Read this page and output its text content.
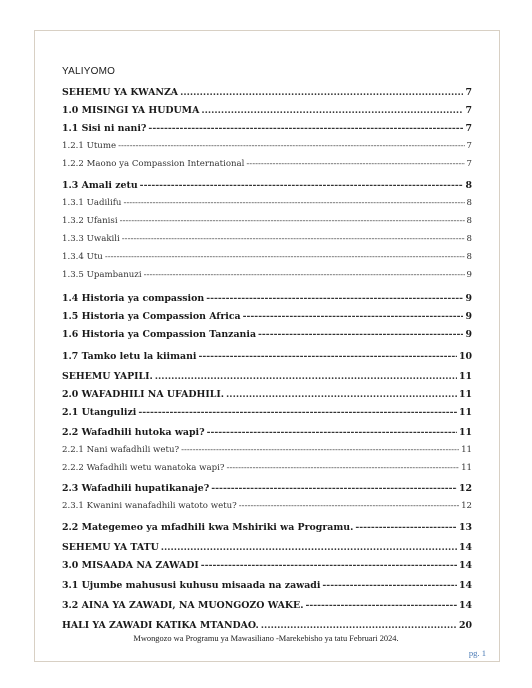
YALIYOMO
SEHEMU YA KWANZA .....	7
1.0 MISINGI YA HUDUMA .....	7
1.1 Sisi ni nani? -----	7
1.2.1 Utume -----	7
1.2.2 Maono ya Compassion International -----	7
1.3 Amali zetu -----	8
1.3.1 Uadilifu -----	8
1.3.2 Ufanisi -----	8
1.3.3 Uwakili -----	8
1.3.4 Utu -----	8
1.3.5 Upambanuzi -----	9
1.4 Historia ya compassion -----	9
1.5 Historia ya Compassion Africa -----	9
1.6 Historia ya Compassion Tanzania -----	9
1.7 Tamko letu la kiimani -----	10
SEHEMU YAPILI. .....	11
2.0 WAFADHILI NA UFADHILI. .....	11
2.1 Utangulizi -----	11
2.2 Wafadhili hutoka wapi? -----	11
2.2.1 Nani wafadhili wetu? -----	11
2.2.2 Wafadhili wetu wanatoka wapi? -----	11
2.3 Wafadhili hupatikanaje? -----	12
2.3.1 Kwanini wanafadhili watoto wetu? -----	12
2.2 Mategemeo ya mfadhili kwa Mshiriki wa Programu. -----	13
SEHEMU YA TATU .....	14
3.0 MISAADA NA ZAWADI -----	14
3.1 Ujumbe mahususi kuhusu misaada na zawadi -----	14
3.2 AINA YA ZAWADI, NA MUONGOZO WAKE. -----	14
HALI YA ZAWADI KATIKA MTANDAO. .....	20
Mwongozo wa Programu ya Mawasiliano -Marekebisho ya tatu Februari 2024.
pg. 1
